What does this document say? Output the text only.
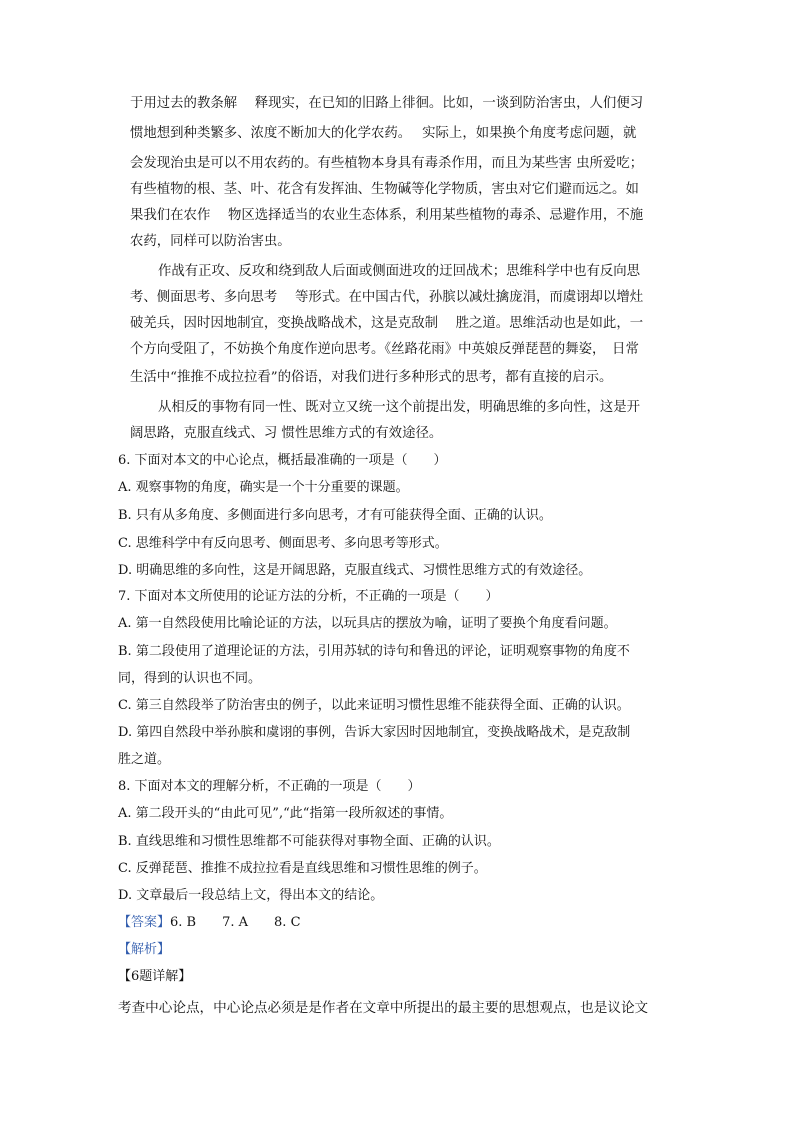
于用过去的教条解　 释现实，在已知的旧路上徘徊。比如，一谈到防治害虫，人们便习
惯地想到种类繁多、浓度不断加大的化学农药。　 实际上，如果换个角度考虑问题，就
会发现治虫是可以不用农药的。有些植物本身具有毒杀作用，而且为某些害 虫所爱吃；
有些植物的根、茎、叶、花含有发挥油、生物碱等化学物质，害虫对它们避而远之。如
果我们在农作　 物区选择适当的农业生态体系，利用某些植物的毒杀、忌避作用，不施
农药，同样可以防治害虫。
作战有正攻、反攻和绕到敌人后面或侧面进攻的迂回战术；思维科学中也有反向思
考、侧面思考、多向思考　 等形式。在中国古代，孙膑以减灶擒庞涓，而虞诩却以增灶
破羌兵，因时因地制宜，变换战略战术，这是克敌制　 胜之道。思维活动也是如此，一
个方向受阻了，不妨换个角度作逆向思考。《丝路花雨》中英娘反弹琵琶的舞姿，　日常
生活中“推推不成拉拉看”的俗语，对我们进行多种形式的思考，都有直接的启示。
从相反的事物有同一性、既对立又统一这个前提出发，明确思维的多向性，这是开
阔思路，克服直线式、习 惯性思维方式的有效途径。
6. 下面对本文的中心论点，概括最准确的一项是（　　）
A. 观察事物的角度，确实是一个十分重要的课题。
B. 只有从多角度、多侧面进行多向思考，才有可能获得全面、正确的认识。
C. 思维科学中有反向思考、侧面思考、多向思考等形式。
D. 明确思维的多向性，这是开阔思路，克服直线式、习惯性思维方式的有效途径。
7. 下面对本文所使用的论证方法的分析，不正确的一项是（　　）
A. 第一自然段使用比喻论证的方法，以玩具店的摆放为喻，证明了要换个角度看问题。
B. 第二段使用了道理论证的方法，引用苏轼的诗句和鲁迅的评论，证明观察事物的角度不
同，得到的认识也不同。
C. 第三自然段举了防治害虫的例子，以此来证明习惯性思维不能获得全面、正确的认识。
D. 第四自然段中举孙膑和虞诩的事例，告诉大家因时因地制宜，变换战略战术，是克敌制
胜之道。
8. 下面对本文的理解分析，不正确的一项是（　　）
A. 第二段开头的“由此可见”,“此“指第一段所叙述的事情。
B. 直线思维和习惯性思维都不可能获得对事物全面、正确的认识。
C. 反弹琵琶、推推不成拉拉看是直线思维和习惯性思维的例子。
D. 文章最后一段总结上文，得出本文的结论。
【答案】6. B　　7. A　　8. C
【解析】
【6题详解】
考查中心论点，中心论点必须是是作者在文章中所提出的最主要的思想观点，也是议论文
